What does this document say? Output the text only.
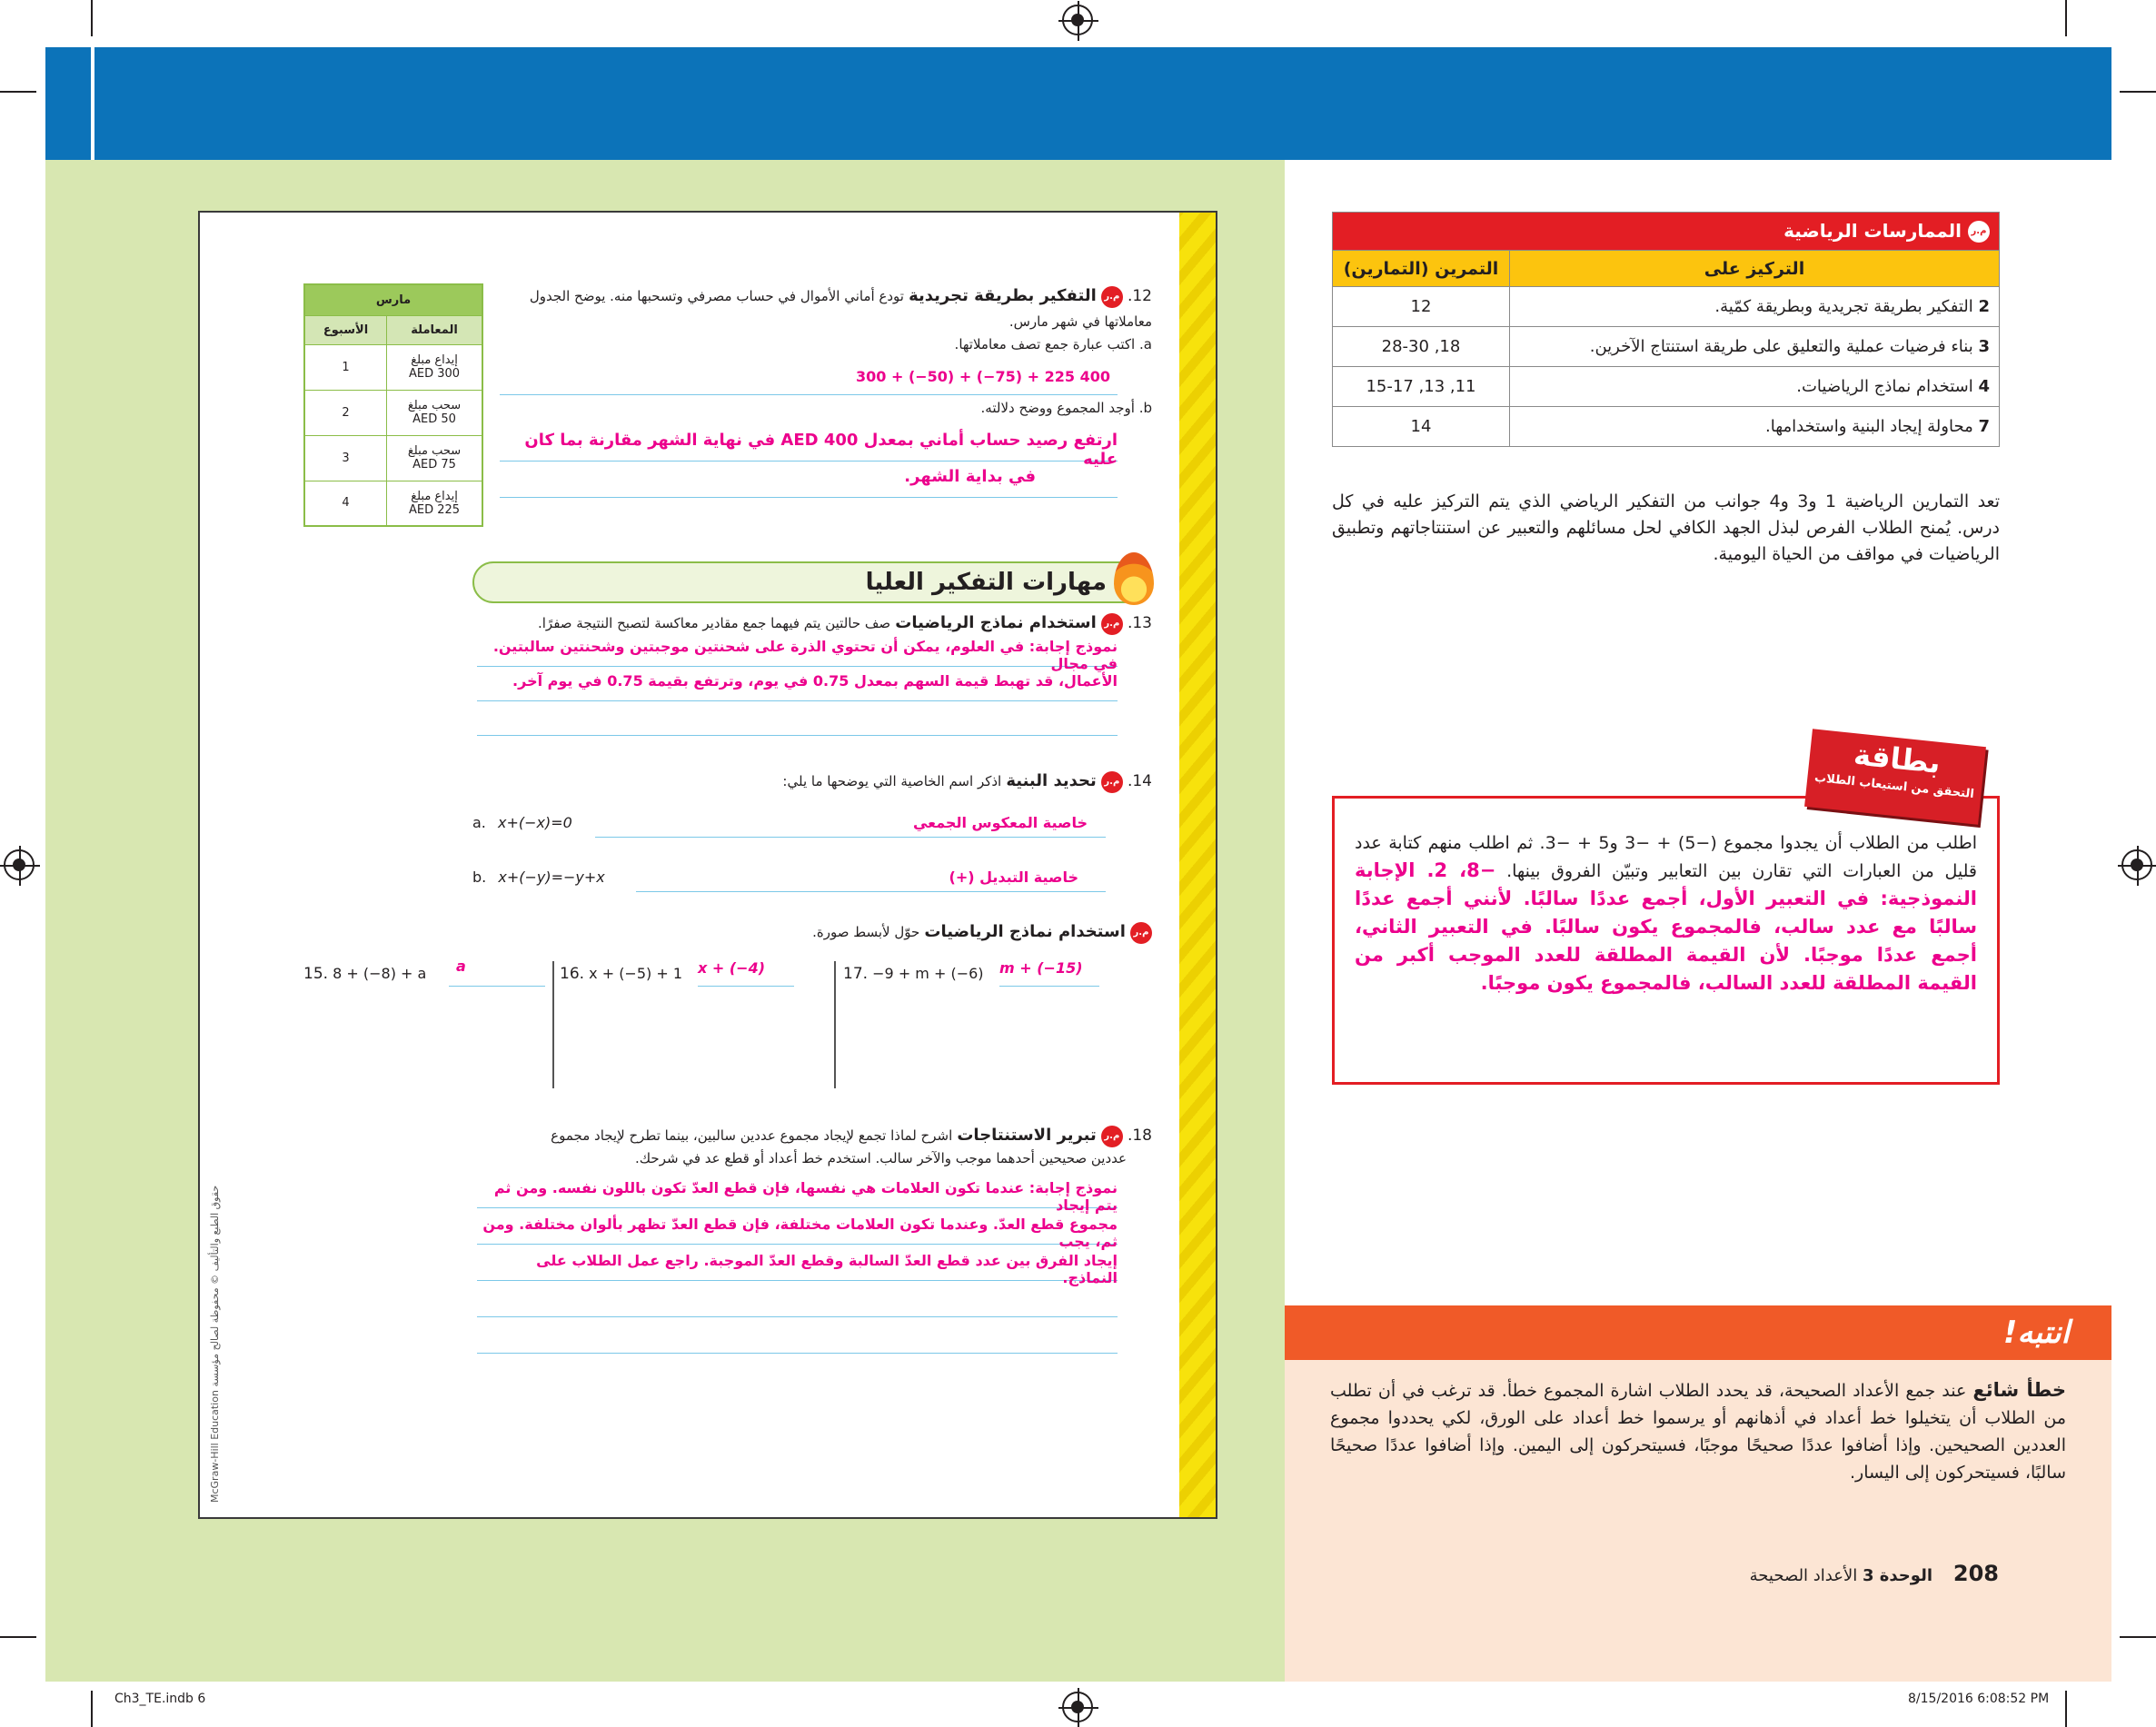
McGraw-Hill Education حقوق الطبع والتأليف © محفوظة لصالح مؤسسة
مارس	
المعاملة	الأسبوع
إيداع مبلغ
AED 300	1
سحب مبلغ
AED 50	2
سحب مبلغ
AED 75	3
إيداع مبلغ
AED 225	4
12. م.ر التفكير بطريقة تجريدية تودع أماني الأموال في حساب مصرفي وتسحبها منه. يوضح الجدول معاملاتها في شهر مارس.
a. اكتب عبارة جمع تصف معاملاتها.
300 + (−50) + (−75) + 225 400
b. أوجد المجموع ووضح دلالته.
ارتفع رصيد حساب أماني بمعدل AED 400 في نهاية الشهر مقارنة بما كان عليه
في بداية الشهر.
مهارات التفكير العليا
13. م.ر استخدام نماذج الرياضيات صف حالتين يتم فيهما جمع مقادير معاكسة لتصبح النتيجة صفرًا.
نموذج إجابة: في العلوم، يمكن أن تحتوي الذرة على شحنتين موجبتين وشحنتين سالبتين. في مجال
الأعمال، قد تهبط قيمة السهم بمعدل 0.75 في يوم، وترتفع بقيمة 0.75 في يوم آخر.
14. م.ر تحديد البنية اذكر اسم الخاصية التي يوضحها ما يلي:
a. x+(−x)=0	خاصية المعكوس الجمعي
b. x+(−y)=−y+x	خاصية التبديل (+)
م.ر استخدام نماذج الرياضيات حوّل لأبسط صورة.
15. 8 + (−8) + a a	16. x + (−5) + 1 x + (−4)	17. −9 + m + (−6) m + (−15)
18. م.ر تبرير الاستنتاجات اشرح لماذا تجمع لإيجاد مجموع عددين سالبين، بينما تطرح لإيجاد مجموع
عددين صحيحين أحدهما موجب والآخر سالب. استخدم خط أعداد أو قطع عد في شرحك.
نموذج إجابة: عندما تكون العلامات هي نفسها، فإن قطع العدّ تكون باللون نفسه. ومن ثم يتم إيجاد
مجموع قطع العدّ. وعندما تكون العلامات مختلفة، فإن قطع العدّ تظهر بألوان مختلفة. ومن ثم، يجب
إيجاد الفرق بين عدد قطع العدّ السالبة وقطع العدّ الموجبة. راجع عمل الطلاب على النماذج.
م.ر الممارسات الرياضية	
التركيز على	التمرين (التمارين)
2 التفكير بطريقة تجريدية وبطريقة كمّية.	12
3 بناء فرضيات عملية والتعليق على طريقة استنتاج الآخرين.	18, 28-30
4 استخدام نماذج الرياضيات.	11, 13, 15-17
7 محاولة إيجاد البنية واستخدامها.	14
تعد التمارين الرياضية 1 و3 و4 جوانب من التفكير الرياضي الذي يتم التركيز عليه في كل درس. يُمنح الطلاب الفرص لبذل الجهد الكافي لحل مسائلهم والتعبير عن استنتاجاتهم وتطبيق الرياضيات في مواقف من الحياة اليومية.
اطلب من الطلاب أن يجدوا مجموع (−5) + −3 و5 + −3. ثم اطلب منهم كتابة عدد قليل من العبارات التي تقارن بين التعابير وتبيّن الفروق بينها. −8، 2. الإجابة النموذجية: في التعبير الأول، أجمع عددًا سالبًا. لأنني أجمع عددًا سالبًا مع عدد سالب، فالمجموع يكون سالبًا. في التعبير الثاني، أجمع عددًا موجبًا. لأن القيمة المطلقة للعدد الموجب أكبر من القيمة المطلقة للعدد السالب، فالمجموع يكون موجبًا.
بطاقة
التحقق من استيعاب الطلاب
انتبه!
خطأ شائع عند جمع الأعداد الصحيحة، قد يحدد الطلاب اشارة المجموع خطأ. قد ترغب في أن تطلب من الطلاب أن يتخيلوا خط أعداد في أذهانهم أو يرسموا خط أعداد على الورق، لكي يحددوا مجموع العددين الصحيحين. وإذا أضافوا عددًا صحيحًا موجبًا، فسيتحركون إلى اليمين. وإذا أضافوا عددًا صحيحًا سالبًا، فسيتحركون إلى اليسار.
208    الوحدة 3 الأعداد الصحيحة
Ch3_TE.indb 6	8/15/2016 6:08:52 PM
